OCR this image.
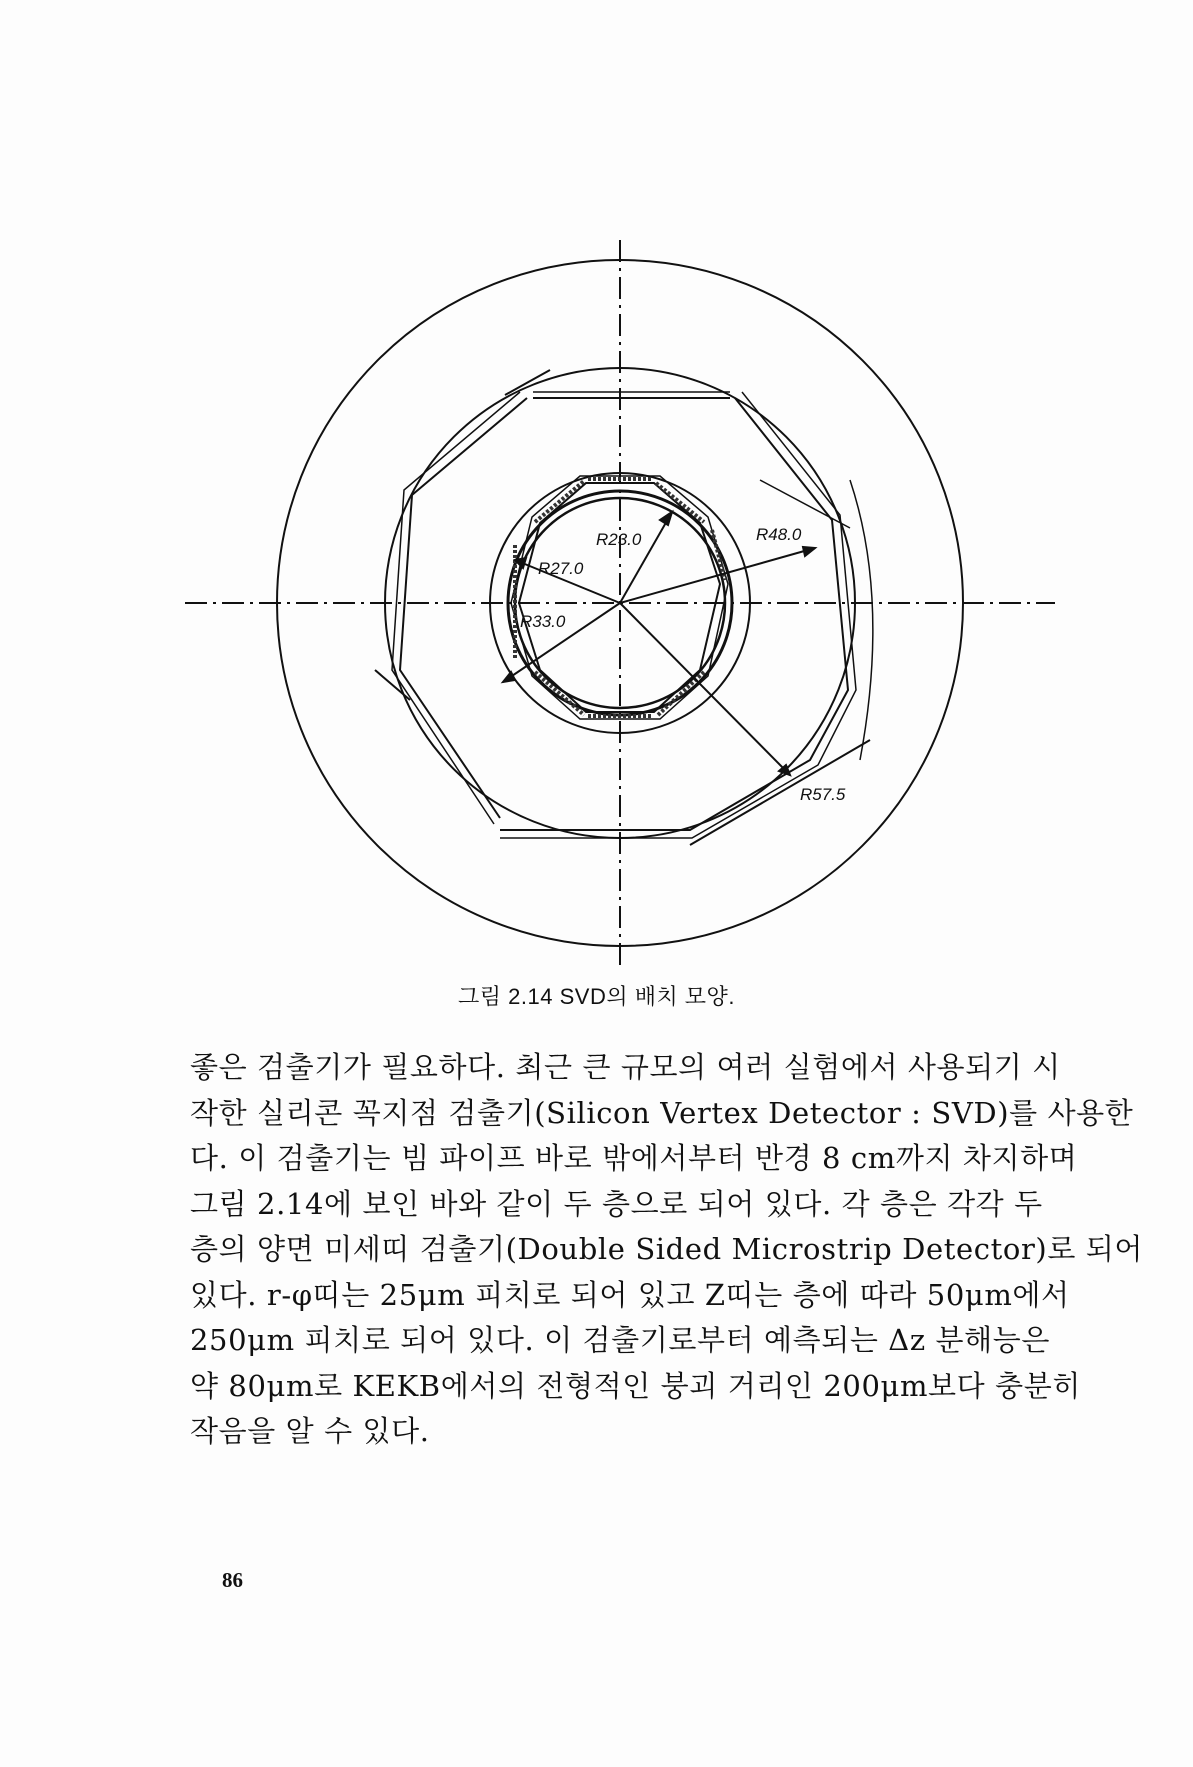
R23.0
R27.0
R33.0
R48.0
R57.5
그림 2.14 SVD의 배치 모양.
좋은 검출기가 필요하다. 최근 큰 규모의 여러 실험에서 사용되기 시
작한 실리콘 꼭지점 검출기(Silicon Vertex Detector : SVD)를 사용한
다. 이 검출기는 빔 파이프 바로 밖에서부터 반경 8 cm까지 차지하며
그림 2.14에 보인 바와 같이 두 층으로 되어 있다. 각 층은 각각 두
층의 양면 미세띠 검출기(Double Sided Microstrip Detector)로 되어
있다. r-φ띠는 25μm 피치로 되어 있고 Z띠는 층에 따라 50μm에서
250μm 피치로 되어 있다. 이 검출기로부터 예측되는 Δz 분해능은
약 80μm로 KEKB에서의 전형적인 붕괴 거리인 200μm보다 충분히
작음을 알 수 있다.
86
